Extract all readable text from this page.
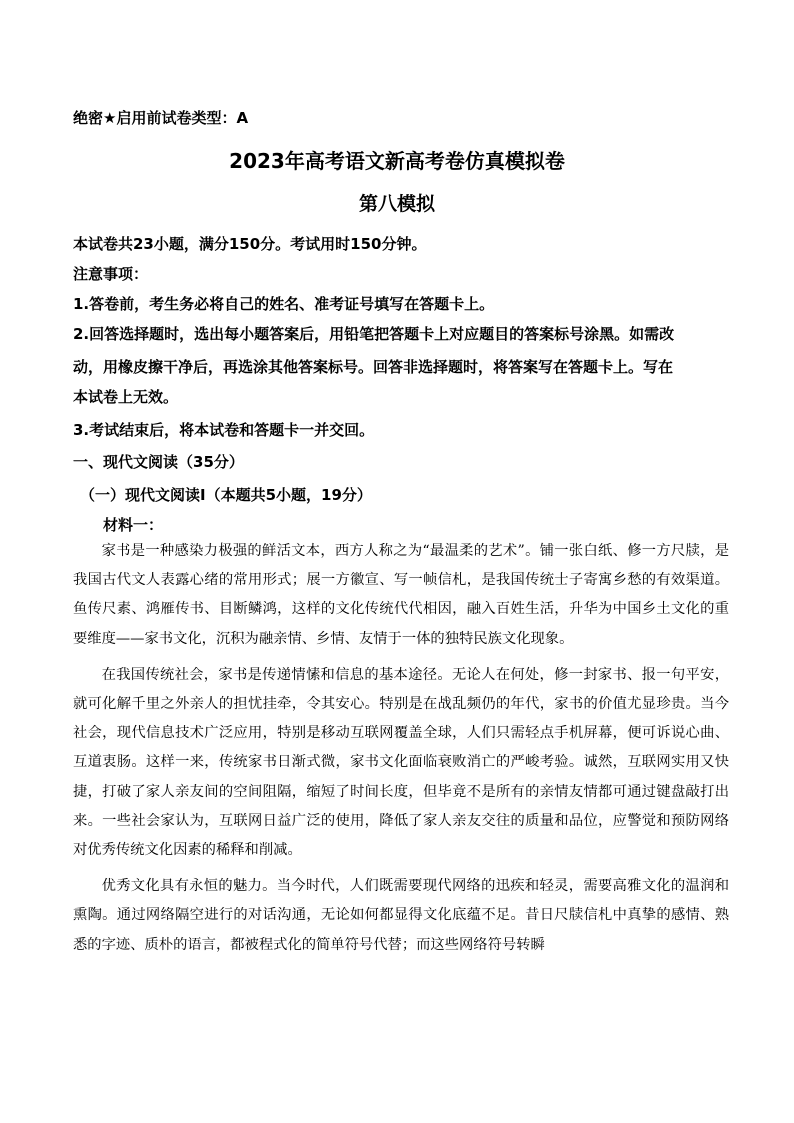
绝密★启用前试卷类型：A
2023年高考语文新高考卷仿真模拟卷
第八模拟
本试卷共23小题，满分150分。考试用时150分钟。
注意事项：
1.答卷前，考生务必将自己的姓名、准考证号填写在答题卡上。
2.回答选择题时，选出每小题答案后，用铅笔把答题卡上对应题目的答案标号涂黑。如需改
动，用橡皮擦干净后，再选涂其他答案标号。回答非选择题时，将答案写在答题卡上。写在
本试卷上无效。
3.考试结束后，将本试卷和答题卡一并交回。
一、现代文阅读（35分）
（一）现代文阅读Ⅰ（本题共5小题，19分）
材料一：

家书是一种感染力极强的鲜活文本，西方人称之为“最温柔的艺术”。铺一张白纸、修一方尺牍，是我国古代文人表露心绪的常用形式；展一方徽宣、写一帧信札，是我国传统士子寄寓乡愁的有效渠道。鱼传尺素、鸿雁传书、目断鳞鸿，这样的文化传统代代相因，融入百姓生活，升华为中国乡土文化的重要维度——家书文化，沉积为融亲情、乡情、友情于一体的独特民族文化现象。

在我国传统社会，家书是传递情愫和信息的基本途径。无论人在何处，修一封家书、报一句平安，就可化解千里之外亲人的担忧挂牵，令其安心。特别是在战乱频仍的年代，家书的价值尤显珍贵。当今社会，现代信息技术广泛应用，特别是移动互联网覆盖全球，人们只需轻点手机屏幕，便可诉说心曲、互道衷肠。这样一来，传统家书日渐式微，家书文化面临衰败消亡的严峻考验。诚然，互联网实用又快捷，打破了家人亲友间的空间阻隔，缩短了时间长度，但毕竟不是所有的亲情友情都可通过键盘敲打出来。一些社会家认为，互联网日益广泛的使用，降低了家人亲友交往的质量和品位，应警觉和预防网络对优秀传统文化因素的稀释和削减。

优秀文化具有永恒的魅力。当今时代，人们既需要现代网络的迅疾和轻灵，需要高雅文化的温润和熏陶。通过网络隔空进行的对话沟通，无论如何都显得文化底蕴不足。昔日尺牍信札中真挚的感情、熟悉的字迹、质朴的语言，都被程式化的简单符号代替；而这些网络符号转瞬
